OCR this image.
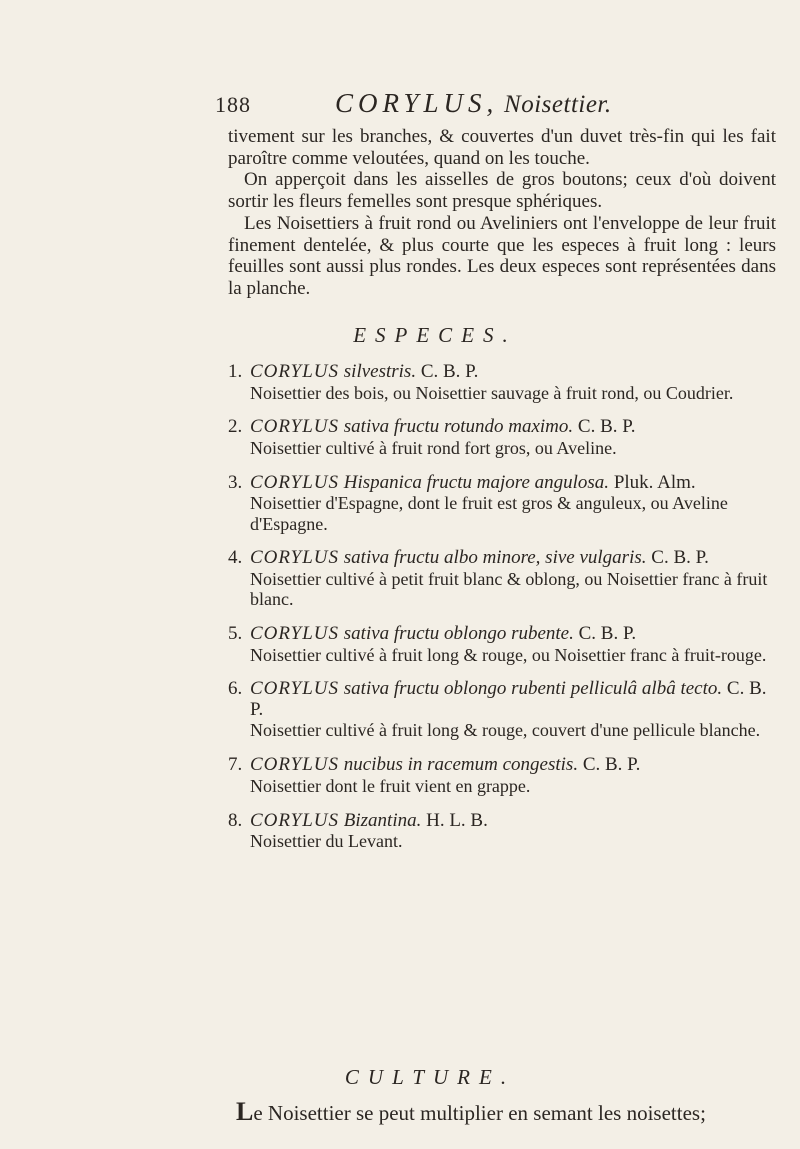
188	CORYLUS, Noisettier.

tivement sur les branches, & couvertes d'un duvet très-fin qui les fait paroître comme veloutées, quand on les touche.

On apperçoit dans les aisselles de gros boutons; ceux d'où doivent sortir les fleurs femelles sont presque sphériques.

Les Noisettiers à fruit rond ou Aveliniers ont l'enveloppe de leur fruit finement dentelée, & plus courte que les especes à fruit long : leurs feuilles sont aussi plus rondes. Les deux especes sont représentées dans la planche.

ESPECES.
1. CORYLUS silvestris. C. B. P.
Noisettier des bois, ou Noisettier sauvage à fruit rond, ou Coudrier.
2. CORYLUS sativa fructu rotundo maximo. C. B. P.
Noisettier cultivé à fruit rond fort gros, ou Aveline.
3. CORYLUS Hispanica fructu majore angulosa. Pluk. Alm.
Noisettier d'Espagne, dont le fruit est gros & anguleux, ou Aveline d'Espagne.
4. CORYLUS sativa fructu albo minore, sive vulgaris. C. B. P.
Noisettier cultivé à petit fruit blanc & oblong, ou Noisettier franc à fruit blanc.
5. CORYLUS sativa fructu oblongo rubente. C. B. P.
Noisettier cultivé à fruit long & rouge, ou Noisettier franc à fruit-rouge.
6. CORYLUS sativa fructu oblongo rubenti pelliculâ albâ tecto. C. B. P.
Noisettier cultivé à fruit long & rouge, couvert d'une pellicule blanche.
7. CORYLUS nucibus in racemum congestis. C. B. P.
Noisettier dont le fruit vient en grappe.
8. CORYLUS Bizantina. H. L. B.
Noisettier du Levant.
CULTURE.
Le Noisettier se peut multiplier en semant les noisettes;
